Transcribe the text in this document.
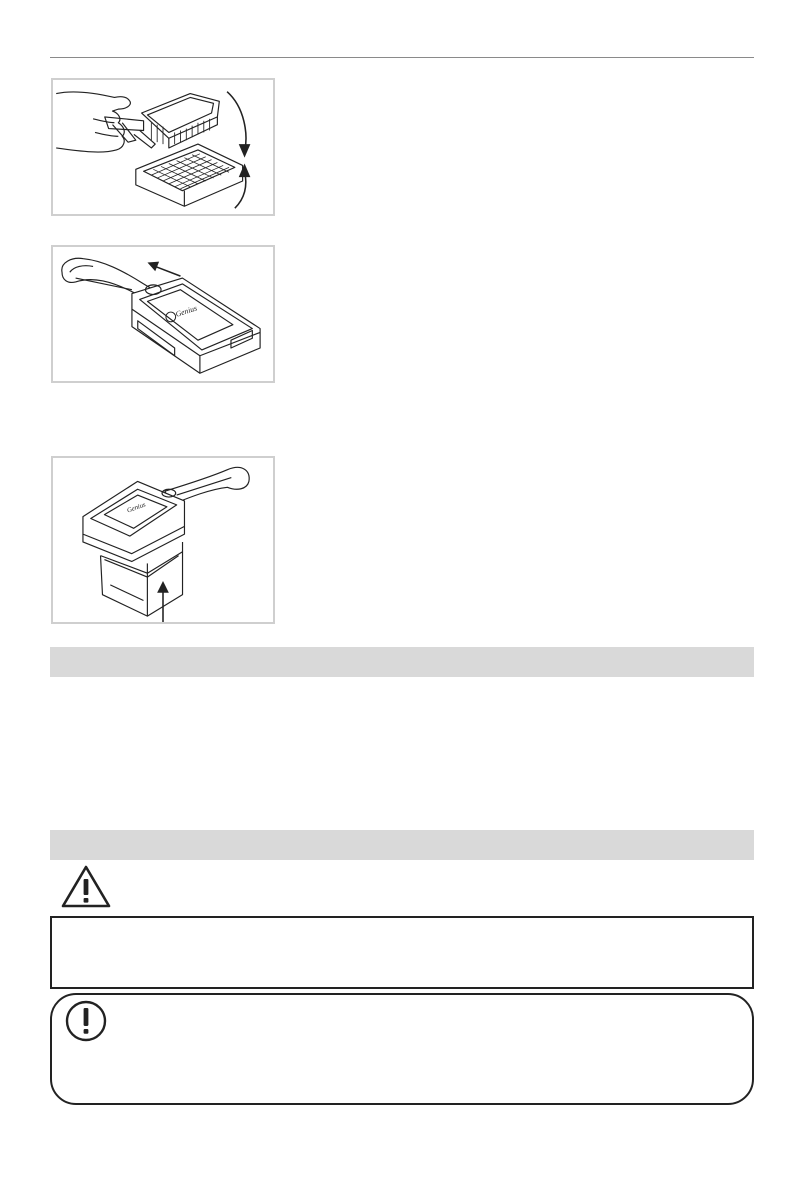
Genius
Genius
